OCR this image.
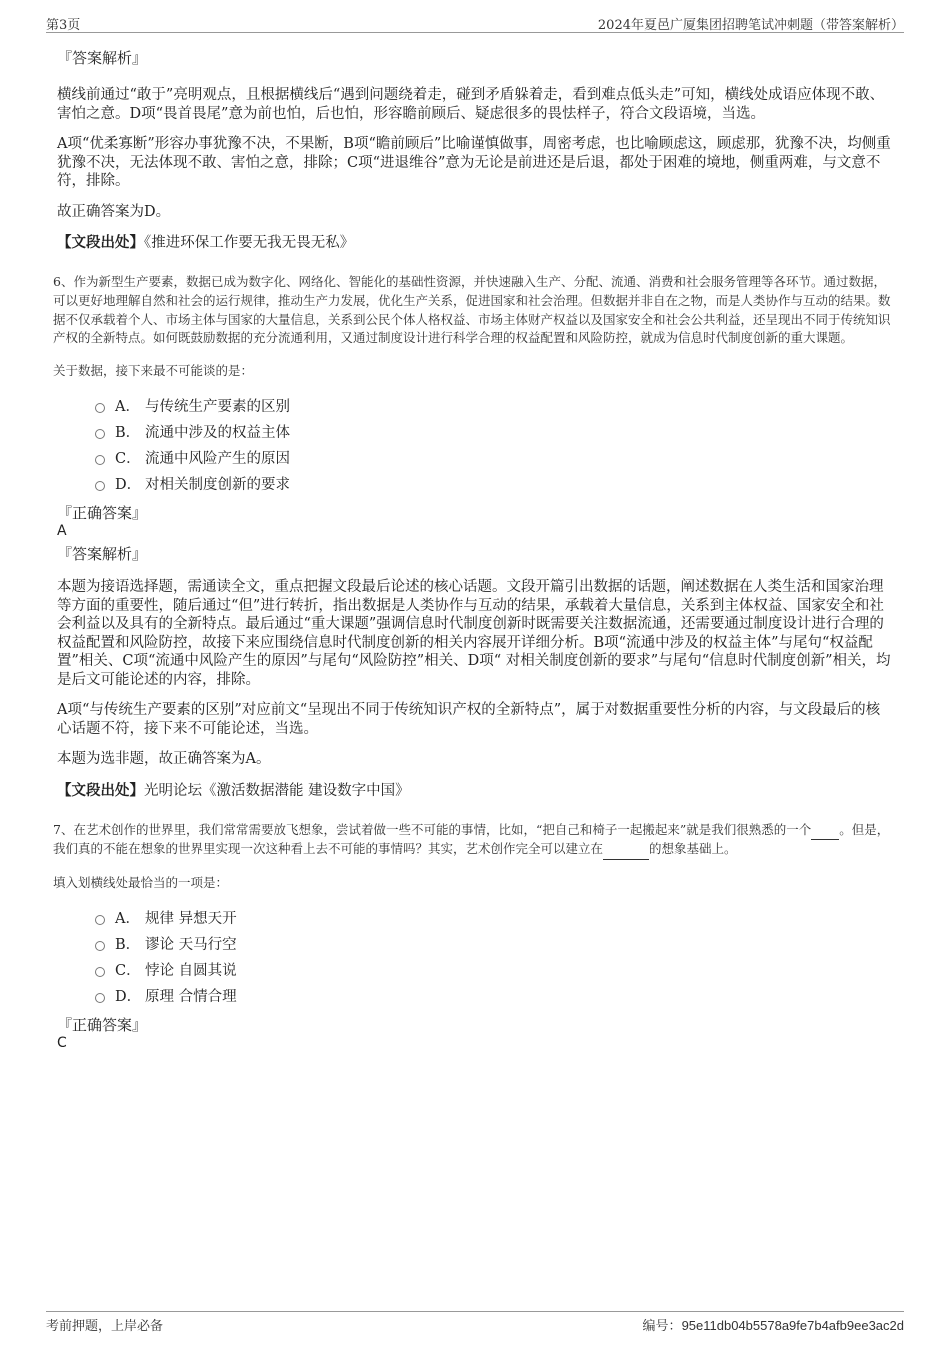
第3页	2024年夏邑广厦集团招聘笔试冲刺题（带答案解析）

『答案解析』

横线前通过“敢于”亮明观点，且根据横线后“遇到问题绕着走，碰到矛盾躲着走，看到难点低头走”可知，横线处成语应体现不敢、害怕之意。D项“畏首畏尾”意为前也怕，后也怕，形容瞻前顾后、疑虑很多的畏怯样子，符合文段语境，当选。

A项“优柔寡断”形容办事犹豫不决，不果断，B项“瞻前顾后”比喻谨慎做事，周密考虑，也比喻顾虑这，顾虑那，犹豫不决，均侧重犹豫不决，无法体现不敢、害怕之意，排除；C项“进退维谷”意为无论是前进还是后退，都处于困难的境地，侧重两难，与文意不符，排除。

故正确答案为D。

【文段出处】《推进环保工作要无我无畏无私》

6、作为新型生产要素，数据已成为数字化、网络化、智能化的基础性资源，并快速融入生产、分配、流通、消费和社会服务管理等各环节。通过数据，可以更好地理解自然和社会的运行规律，推动生产力发展，优化生产关系，促进国家和社会治理。但数据并非自在之物，而是人类协作与互动的结果。数据不仅承载着个人、市场主体与国家的大量信息，关系到公民个体人格权益、市场主体财产权益以及国家安全和社会公共利益，还呈现出不同于传统知识产权的全新特点。如何既鼓励数据的充分流通利用，又通过制度设计进行科学合理的权益配置和风险防控，就成为信息时代制度创新的重大课题。

关于数据，接下来最不可能谈的是：

A． 与传统生产要素的区别
B． 流通中涉及的权益主体
C． 流通中风险产生的原因
D． 对相关制度创新的要求

『正确答案』

A

『答案解析』

本题为接语选择题，需通读全文，重点把握文段最后论述的核心话题。文段开篇引出数据的话题，阐述数据在人类生活和国家治理等方面的重要性，随后通过“但”进行转折，指出数据是人类协作与互动的结果，承载着大量信息，关系到主体权益、国家安全和社会利益以及具有的全新特点。最后通过“重大课题”强调信息时代制度创新时既需要关注数据流通，还需要通过制度设计进行合理的权益配置和风险防控，故接下来应围绕信息时代制度创新的相关内容展开详细分析。B项“流通中涉及的权益主体”与尾句“权益配置”相关、C项“流通中风险产生的原因”与尾句“风险防控”相关、D项“ 对相关制度创新的要求”与尾句“信息时代制度创新”相关，均是后文可能论述的内容，排除。

A项“与传统生产要素的区别”对应前文“呈现出不同于传统知识产权的全新特点”，属于对数据重要性分析的内容，与文段最后的核心话题不符，接下来不可能论述，当选。

本题为选非题，故正确答案为A。

【文段出处】光明论坛《激活数据潜能 建设数字中国》

7、在艺术创作的世界里，我们常常需要放飞想象，尝试着做一些不可能的事情，比如，“把自己和椅子一起搬起来”就是我们很熟悉的一个 。但是，我们真的不能在想象的世界里实现一次这种看上去不可能的事情吗？其实，艺术创作完全可以建立在	的想象基础上。

填入划横线处最恰当的一项是：

A． 规律 异想天开
B． 谬论 天马行空
C． 悖论 自圆其说
D． 原理 合情合理

『正确答案』

C

考前押题，上岸必备	编号：95e11db04b5578a9fe7b4afb9ee3ac2d
